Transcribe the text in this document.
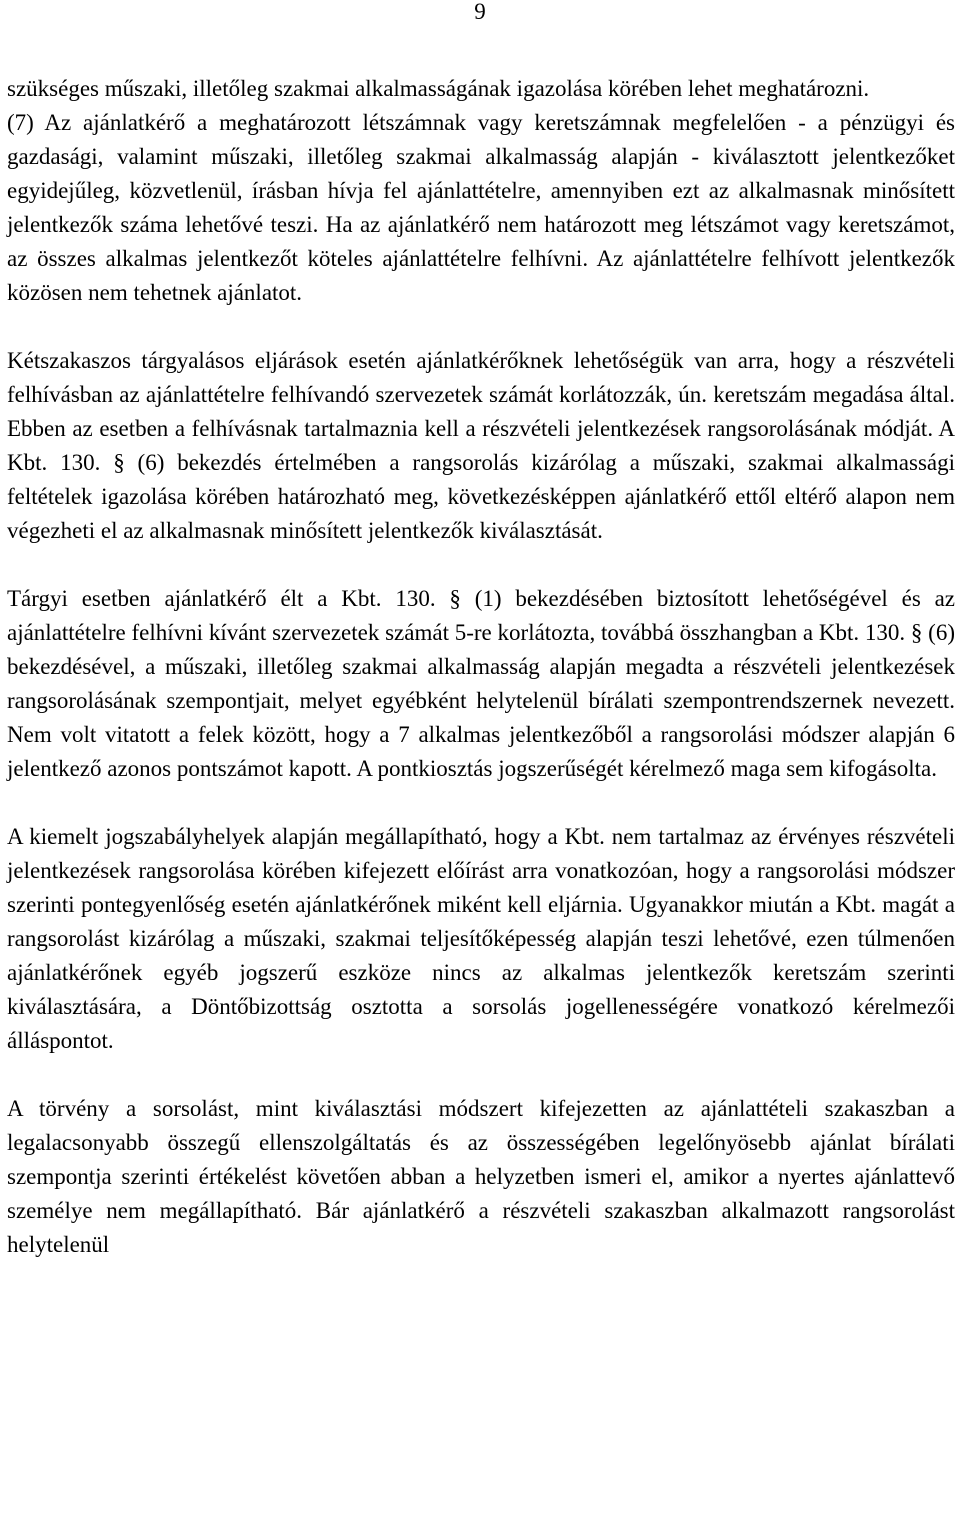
9

szükséges műszaki, illetőleg szakmai alkalmasságának igazolása körében lehet meghatározni.

(7) Az ajánlatkérő a meghatározott létszámnak vagy keretszámnak megfelelően - a pénzügyi és gazdasági, valamint műszaki, illetőleg szakmai alkalmasság alapján - kiválasztott jelentkezőket egyidejűleg, közvetlenül, írásban hívja fel ajánlattételre, amennyiben ezt az alkalmasnak minősített jelentkezők száma lehetővé teszi. Ha az ajánlatkérő nem határozott meg létszámot vagy keretszámot, az összes alkalmas jelentkezőt köteles ajánlattételre felhívni. Az ajánlattételre felhívott jelentkezők közösen nem tehetnek ajánlatot.

Kétszakaszos tárgyalásos eljárások esetén ajánlatkérőknek lehetőségük van arra, hogy a részvételi felhívásban az ajánlattételre felhívandó szervezetek számát korlátozzák, ún. keretszám megadása által. Ebben az esetben a felhívásnak tartalmaznia kell a részvételi jelentkezések rangsorolásának módját. A Kbt. 130. § (6) bekezdés értelmében a rangsorolás kizárólag a műszaki, szakmai alkalmassági feltételek igazolása körében határozható meg, következésképpen ajánlatkérő ettől eltérő alapon nem végezheti el az alkalmasnak minősített jelentkezők kiválasztását.

Tárgyi esetben ajánlatkérő élt a Kbt. 130. § (1) bekezdésében biztosított lehetőségével és az ajánlattételre felhívni kívánt szervezetek számát 5-re korlátozta, továbbá összhangban a Kbt. 130. § (6) bekezdésével, a műszaki, illetőleg szakmai alkalmasság alapján megadta a részvételi jelentkezések rangsorolásának szempontjait, melyet egyébként helytelenül bírálati szempontrendszernek nevezett. Nem volt vitatott a felek között, hogy a 7 alkalmas jelentkezőből a rangsorolási módszer alapján 6 jelentkező azonos pontszámot kapott. A pontkiosztás jogszerűségét kérelmező maga sem kifogásolta.

A kiemelt jogszabályhelyek alapján megállapítható, hogy a Kbt. nem tartalmaz az érvényes részvételi jelentkezések rangsorolása körében kifejezett előírást arra vonatkozóan, hogy a rangsorolási módszer szerinti pontegyenlőség esetén ajánlatkérőnek miként kell eljárnia. Ugyanakkor miután a Kbt. magát a rangsorolást kizárólag a műszaki, szakmai teljesítőképesség alapján teszi lehetővé, ezen túlmenően ajánlatkérőnek egyéb jogszerű eszköze nincs az alkalmas jelentkezők keretszám szerinti kiválasztására, a Döntőbizottság osztotta a sorsolás jogellenességére vonatkozó kérelmezői álláspontot.

A törvény a sorsolást, mint kiválasztási módszert kifejezetten az ajánlattételi szakaszban a legalacsonyabb összegű ellenszolgáltatás és az összességében legelőnyösebb ajánlat bírálati szempontja szerinti értékelést követően abban a helyzetben ismeri el, amikor a nyertes ajánlattevő személye nem megállapítható. Bár ajánlatkérő a részvételi szakaszban alkalmazott rangsorolást helytelenül
